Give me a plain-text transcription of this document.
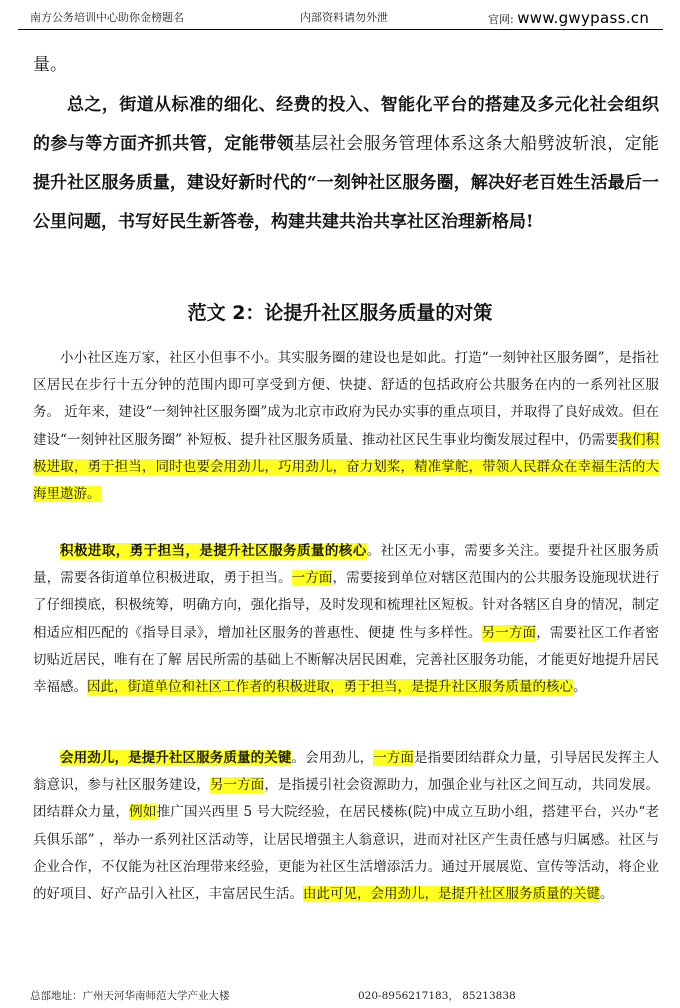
南方公务培训中心助你金榜题名	内部资料请勿外泄	官网: www.gwypass.cn

量。

总之，街道从标准的细化、经费的投入、智能化平台的搭建及多元化社会组织的参与等方面齐抓共管，定能带领基层社会服务管理体系这条大船劈波斩浪，定能提升社区服务质量，建设好新时代的“一刻钟社区服务圈，解决好老百姓生活最后一公里问题，书写好民生新答卷，构建共建共治共享社区治理新格局!

范文 2：论提升社区服务质量的对策

小小社区连万家，社区小但事不小。其实服务圈的建设也是如此。打造“一刻钟社区服务圈”，是指社区居民在步行十五分钟的范围内即可享受到方便、快捷、舒适的包括政府公共服务在内的一系列社区服务。 近年来，建设“一刻钟社区服务圈”成为北京市政府为民办实事的重点项目，并取得了良好成效。但在建设“一刻钟社区服务圈” 补短板、提升社区服务质量、推动社区民生事业均衡发展过程中，仍需要我们积极进取，勇于担当，同时也要会用劲儿，巧用劲儿，奋力划桨，精准掌舵，带领人民群众在幸福生活的大海里遨游。

积极进取，勇于担当，是提升社区服务质量的核心。社区无小事，需要多关注。要提升社区服务质量，需要各街道单位积极进取，勇于担当。一方面，需要接到单位对辖区范围内的公共服务设施现状进行了仔细摸底，积极统筹，明确方向，强化指导，及时发现和梳理社区短板。针对各辖区自身的情况，制定相适应相匹配的《指导目录》，增加社区服务的普惠性、便捷 性与多样性。另一方面，需要社区工作者密切贴近居民，唯有在了解 居民所需的基础上不断解决居民困难，完善社区服务功能，才能更好地提升居民幸福感。因此，街道单位和社区工作者的积极进取，勇于担当，是提升社区服务质量的核心。

会用劲儿，是提升社区服务质量的关键。会用劲儿，一方面是指要团结群众力量，引导居民发挥主人翁意识，参与社区服务建设，另一方面，是指援引社会资源助力，加强企业与社区之间互动，共同发展。团结群众力量，例如推广国兴西里 5 号大院经验，在居民楼栋(院)中成立互助小组，搭建平台，兴办“老兵俱乐部” ，举办一系列社区活动等，让居民增强主人翁意识，进而对社区产生责任感与归属感。社区与企业合作，不仅能为社区治理带来经验，更能为社区生活增添活力。通过开展展览、宣传等活动，将企业的好项目、好产品引入社区，丰富居民生活。由此可见，会用劲儿，是提升社区服务质量的关键。

总部地址：广州天河华南师范大学产业大楼	020-8956217183， 85213838
